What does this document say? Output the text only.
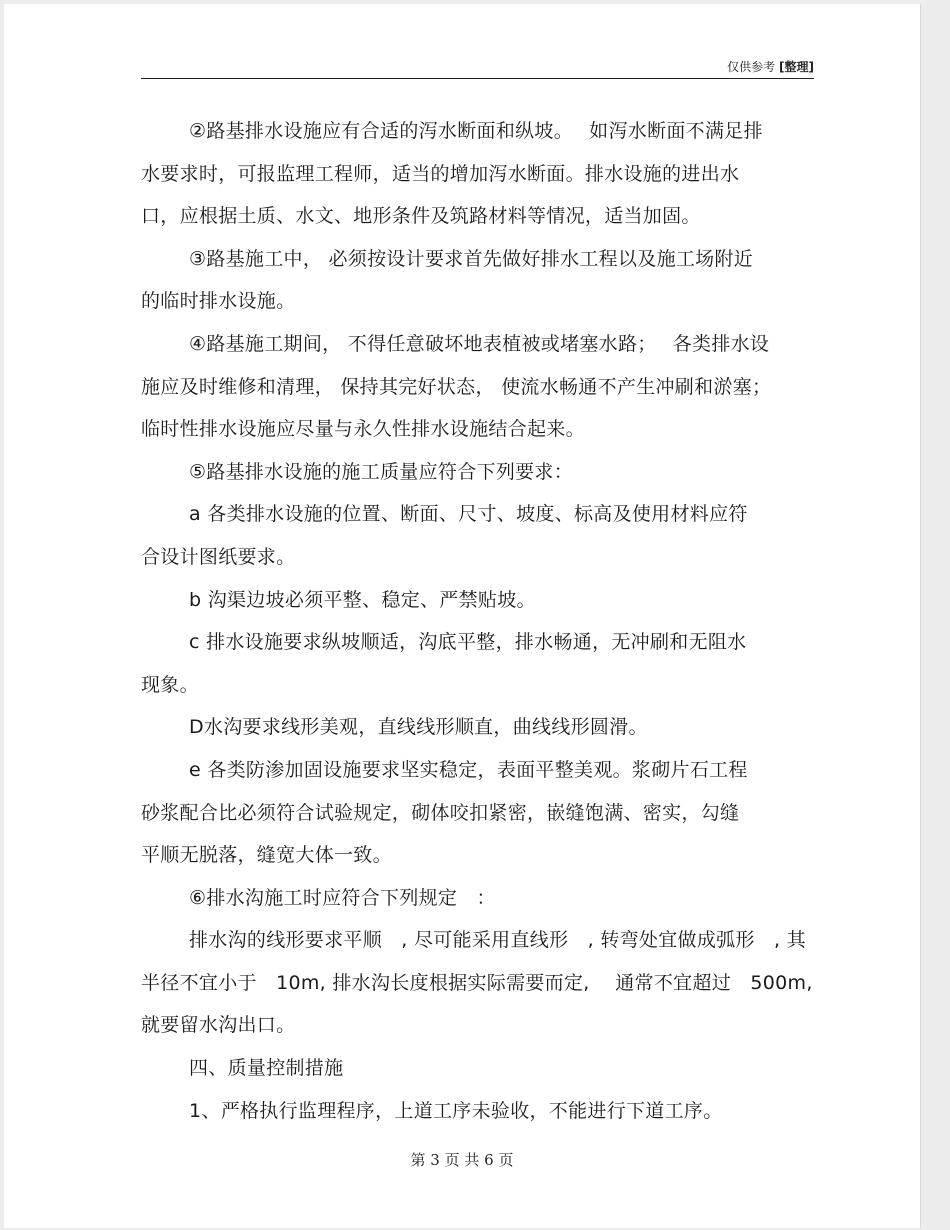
仅供参考 [整理]

②路基排水设施应有合适的泻水断面和纵坡。　 如泻水断面不满足排

水要求时，可报监理工程师，适当的增加泻水断面。排水设施的进出水

口，应根据土质、水文、地形条件及筑路材料等情况，适当加固。

③路基施工中， 必须按设计要求首先做好排水工程以及施工场附近

的临时排水设施。

④路基施工期间， 不得任意破坏地表植被或堵塞水路；　 各类排水设

施应及时维修和清理， 保持其完好状态， 使流水畅通不产生冲刷和淤塞；

临时性排水设施应尽量与永久性排水设施结合起来。

⑤路基排水设施的施工质量应符合下列要求：

a 各类排水设施的位置、断面、尺寸、坡度、标高及使用材料应符

合设计图纸要求。

b 沟渠边坡必须平整、稳定、严禁贴坡。

c 排水设施要求纵坡顺适，沟底平整，排水畅通，无冲刷和无阻水

现象。

D水沟要求线形美观，直线线形顺直，曲线线形圆滑。

e 各类防渗加固设施要求坚实稳定，表面平整美观。浆砌片石工程

砂浆配合比必须符合试验规定，砌体咬扣紧密，嵌缝饱满、密实，勾缝

平顺无脱落，缝宽大体一致。

⑥排水沟施工时应符合下列规定　：

排水沟的线形要求平顺　, 尽可能采用直线形　, 转弯处宜做成弧形　, 其

半径不宜小于　10m, 排水沟长度根据实际需要而定,　 通常不宜超过　500m,

就要留水沟出口。

四、质量控制措施

1、严格执行监理程序，上道工序未验收，不能进行下道工序。

第 3 页 共 6 页
